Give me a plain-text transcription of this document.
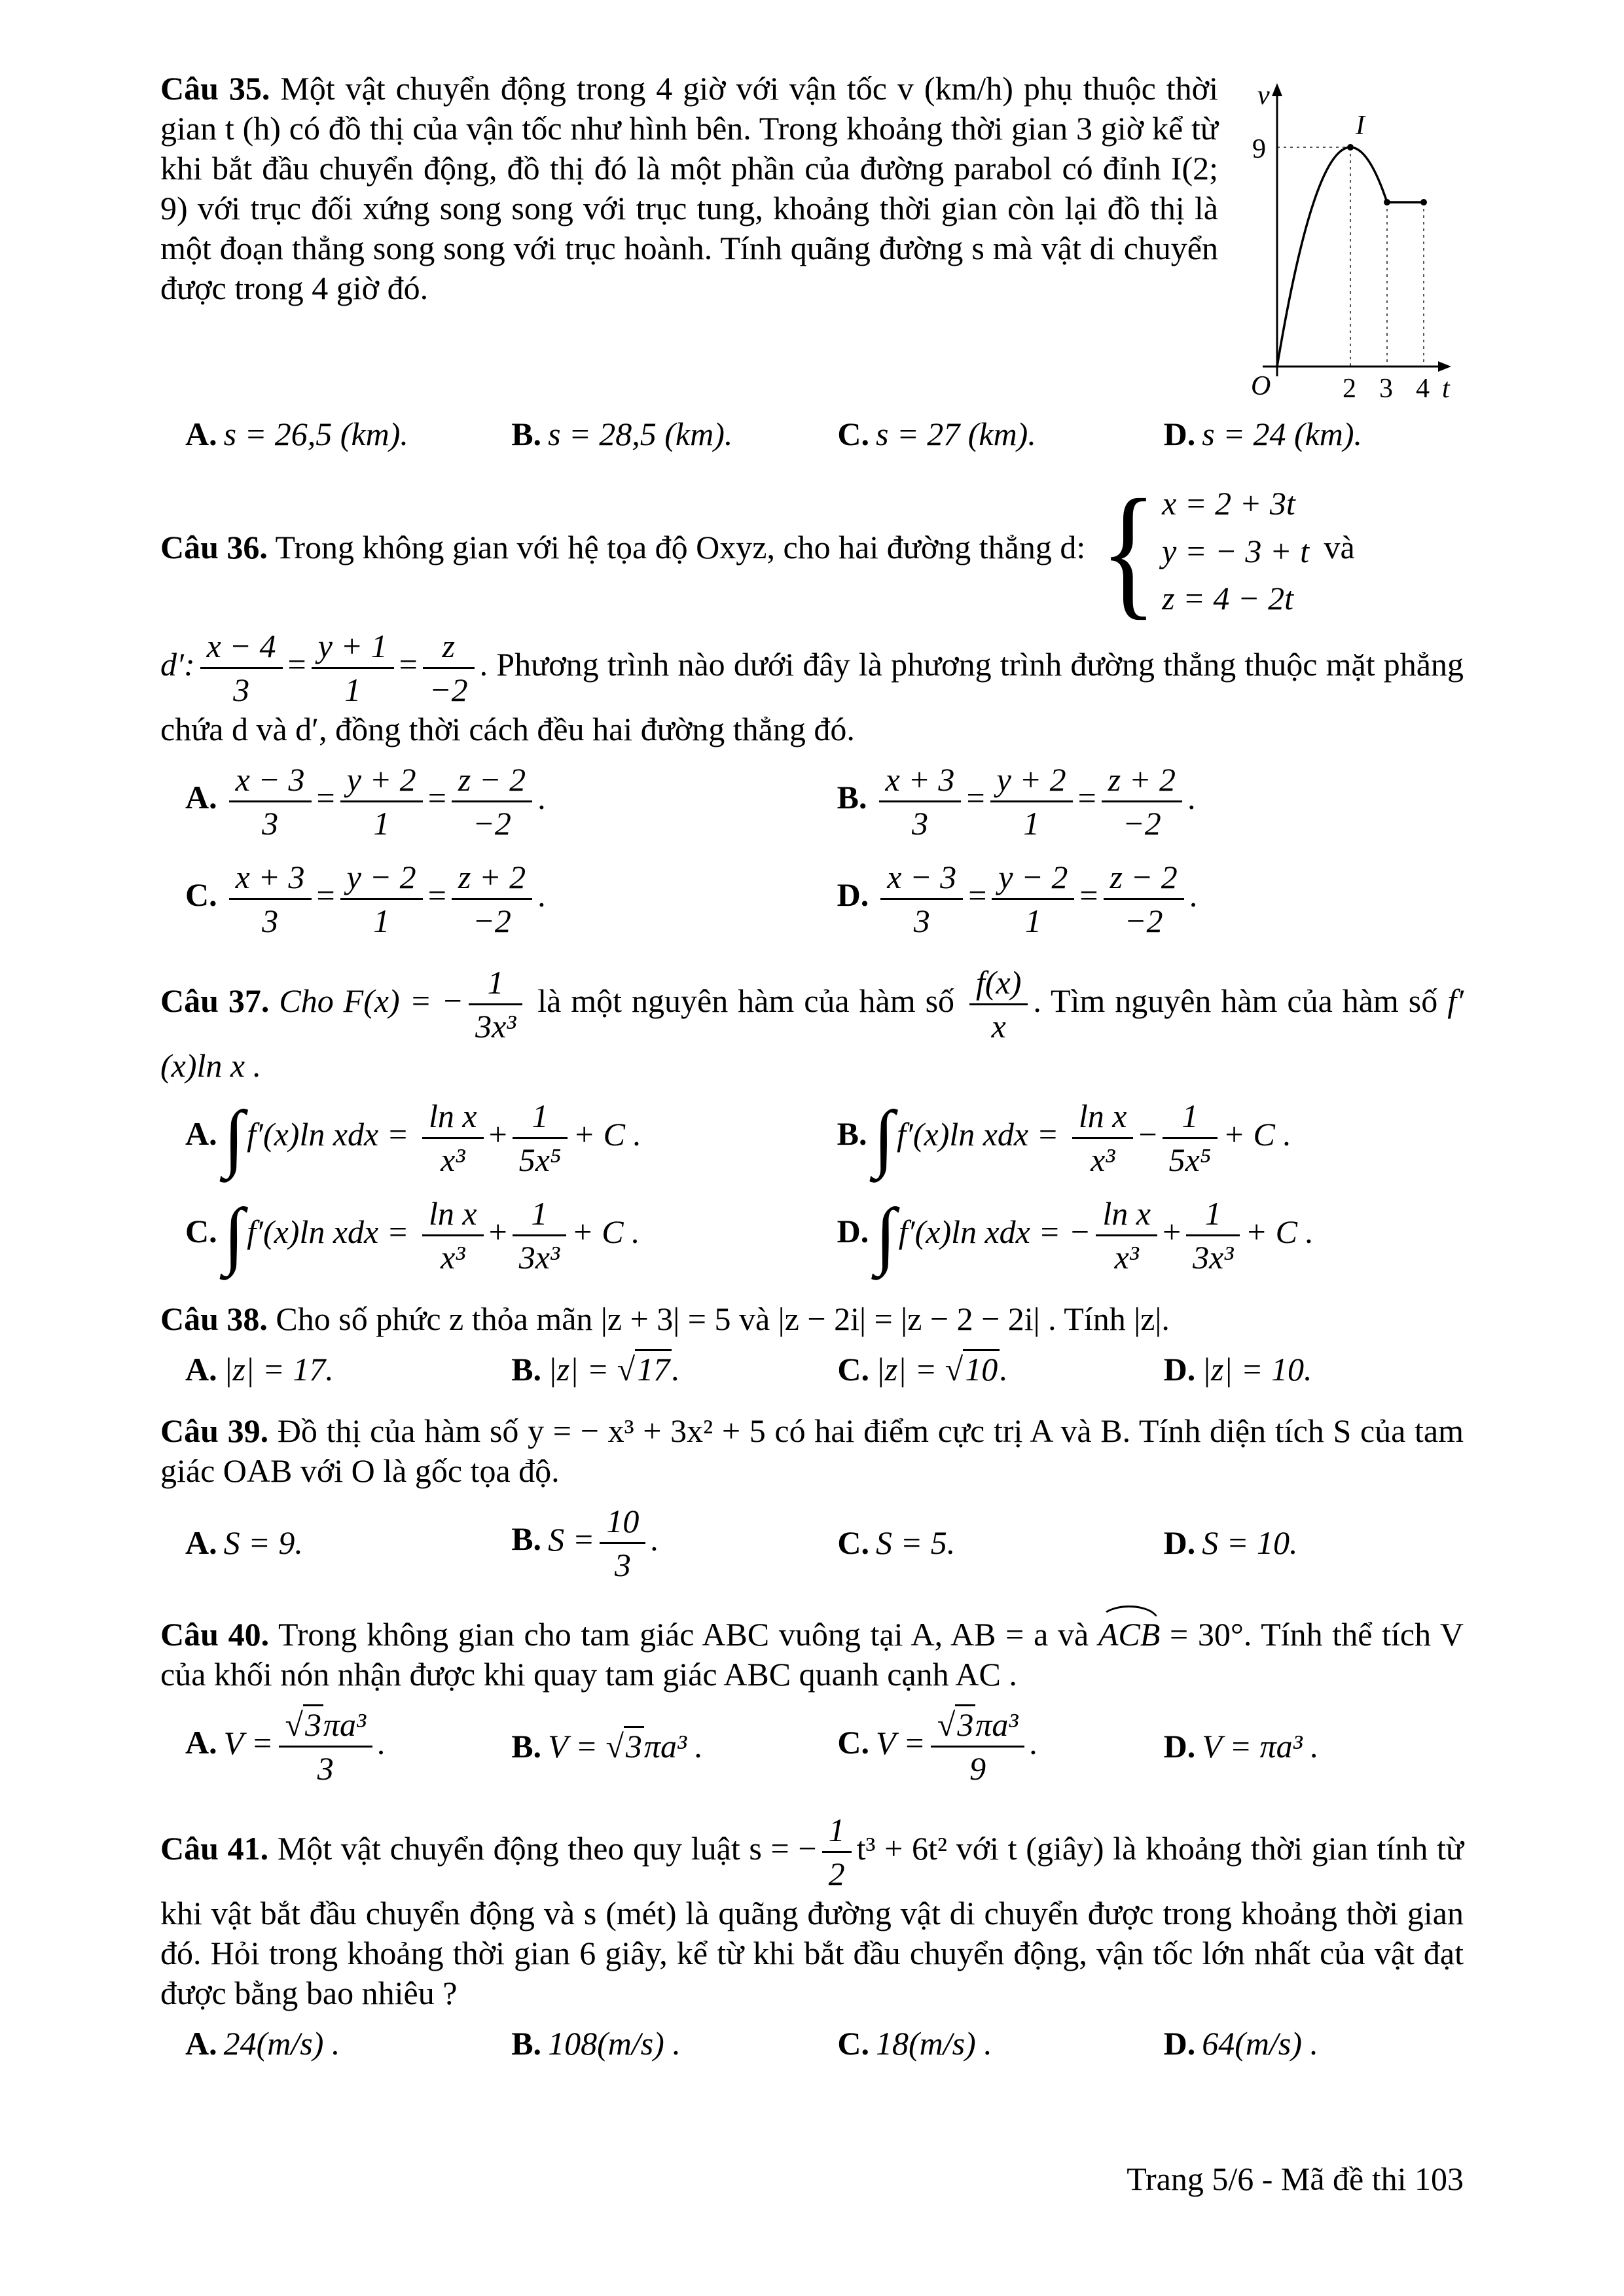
v
9
I
O	2 3 4 t
Câu 35. Một vật chuyển động trong 4 giờ với vận tốc v (km/h) phụ thuộc thời gian t (h) có đồ thị của vận tốc như hình bên. Trong khoảng thời gian 3 giờ kể từ khi bắt đầu chuyển động, đồ thị đó là một phần của đường parabol có đỉnh I(2; 9) với trục đối xứng song song với trục tung, khoảng thời gian còn lại đồ thị là một đoạn thẳng song song với trục hoành. Tính quãng đường s mà vật di chuyển được trong 4 giờ đó.
A. s = 26,5 (km).	B. s = 28,5 (km).	C. s = 27 (km).	D. s = 24 (km).
Câu 36. Trong không gian với hệ tọa độ Oxyz, cho hai đường thẳng d: { x = 2 + 3t
y = − 3 + t
z = 4 − 2t
và
d′: $\frac{x - 4}{3} = \frac{y + 1}{1} = \frac{z}{-2}$ . Phương trình nào dưới đây là phương trình đường thẳng thuộc mặt phẳng chứa d và d′, đồng thời cách đều hai đường thẳng đó.
A. $\frac{x - 3}{3} = \frac{y + 2}{1} = \frac{z - 2}{-2}$ .	B. $\frac{x + 3}{3} = \frac{y + 2}{1} = \frac{z + 2}{-2}$ .
C. $\frac{x + 3}{3} = \frac{y - 2}{1} = \frac{z + 2}{-2}$ .	D. $\frac{x - 3}{3} = \frac{y - 2}{1} = \frac{z - 2}{-2}$ .
Câu 37. Cho F(x) = − $\frac{1}{\text{3x³}}$ là một nguyên hàm của hàm số $\frac{f(x)}{x}$ . Tìm nguyên hàm của hàm số f′(x)ln x .
A.∫f′(x)ln xdx = $\frac{\text{ln x}}{\text{x³}} + \frac{1}{\text{5x⁵}} + C$ .	B.∫f′(x)ln xdx = $\frac{\text{ln x}}{\text{x³}} - \frac{1}{\text{5x⁵}} + C$ .
C.∫f′(x)ln xdx = $\frac{\text{ln x}}{\text{x³}} + \frac{1}{\text{3x³}} + C$ .	D.∫f′(x)ln xdx = − $\frac{\text{ln x}}{\text{x³}} + \frac{1}{\text{3x³}} + C$ .
Câu 38. Cho số phức z thỏa mãn |z + 3| = 5 và |z − 2i| = |z − 2 − 2i| . Tính |z|.
A. |z| = 17.	B. |z| = √17.	C. |z| = √10.	D. |z| = 10.
Câu 39. Đồ thị của hàm số y = − x³ + 3x² + 5 có hai điểm cực trị A và B. Tính diện tích S của tam giác OAB với O là gốc tọa độ.
A. S = 9.	B. $S = \frac{10}{3}$ .	C. S = 5.	D. S = 10.
Câu 40. Trong không gian cho tam giác ABC vuông tại A, AB = a và ACB = 30°. Tính thể tích V của khối nón nhận được khi quay tam giác ABC quanh cạnh AC .
A. $V = \frac{\text{√3πa³}}{3}$ .	B. V = √3πa³ .	C. $V = \frac{\text{√3πa³}}{9}$ .	D. V = πa³ .
Câu 41. Một vật chuyển động theo quy luật s = − $\frac{1}{2} t^3 + 6t^2$ với t (giây) là khoảng thời gian tính từ khi vật bắt đầu chuyển động và s (mét) là quãng đường vật di chuyển được trong khoảng thời gian đó. Hỏi trong khoảng thời gian 6 giây, kể từ khi bắt đầu chuyển động, vận tốc lớn nhất của vật đạt được bằng bao nhiêu ?
A. 24(m/s) .	B. 108(m/s) .	C. 18(m/s) .	D. 64(m/s) .
Trang 5/6 - Mã đề thi 103
